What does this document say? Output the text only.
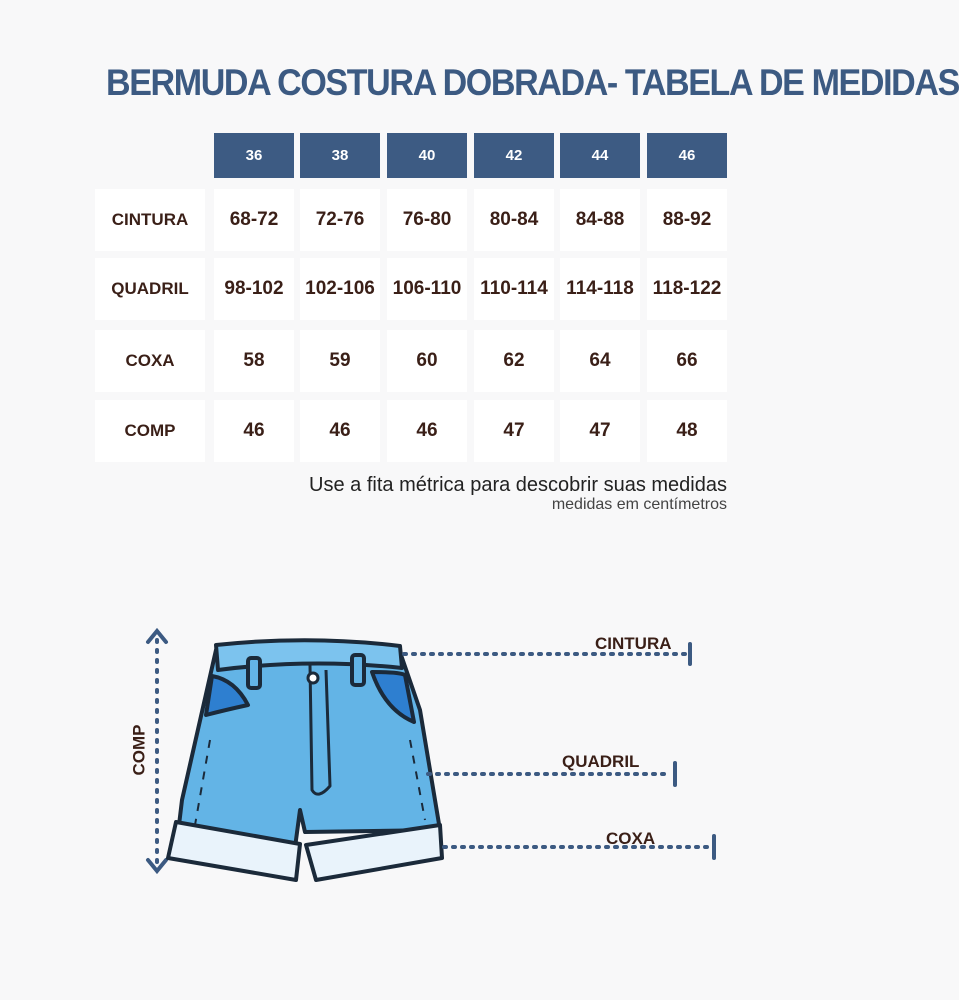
BERMUDA COSTURA DOBRADA- TABELA DE MEDIDAS
36	38	40	42	44	46
CINTURA	68-72	72-76	76-80	80-84	84-88	88-92
QUADRIL	98-102	102-106 106-110 110-114 114-118 118-122
COXA	58	59	60	62	64	66
COMP	46	46	46	47	47	48
Use a fita métrica para descobrir suas medidas
medidas em centímetros
CINTURA
QUADRIL
COXA
COMP
